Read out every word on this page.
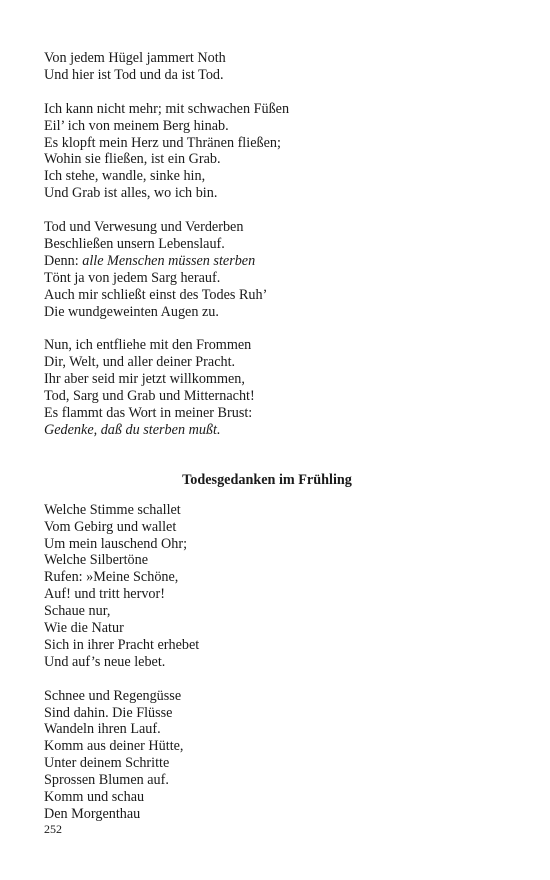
Von jedem Hügel jammert Noth
Und hier ist Tod und da ist Tod.
Ich kann nicht mehr; mit schwachen Füßen
Eil’ ich von meinem Berg hinab.
Es klopft mein Herz und Thränen fließen;
Wohin sie fließen, ist ein Grab.
Ich stehe, wandle, sinke hin,
Und Grab ist alles, wo ich bin.
Tod und Verwesung und Verderben
Beschließen unsern Lebenslauf.
Denn: alle Menschen müssen sterben
Tönt ja von jedem Sarg herauf.
Auch mir schließt einst des Todes Ruh’
Die wundgeweinten Augen zu.
Nun, ich entfliehe mit den Frommen
Dir, Welt, und aller deiner Pracht.
Ihr aber seid mir jetzt willkommen,
Tod, Sarg und Grab und Mitternacht!
Es flammt das Wort in meiner Brust:
Gedenke, daß du sterben mußt.
Todesgedanken im Frühling
Welche Stimme schallet
Vom Gebirg und wallet
Um mein lauschend Ohr;
Welche Silbertöne
Rufen: »Meine Schöne,
Auf! und tritt hervor!
Schaue nur,
Wie die Natur
Sich in ihrer Pracht erhebet
Und auf’s neue lebet.
Schnee und Regengüsse
Sind dahin. Die Flüsse
Wandeln ihren Lauf.
Komm aus deiner Hütte,
Unter deinem Schritte
Sprossen Blumen auf.
Komm und schau
Den Morgenthau
252
